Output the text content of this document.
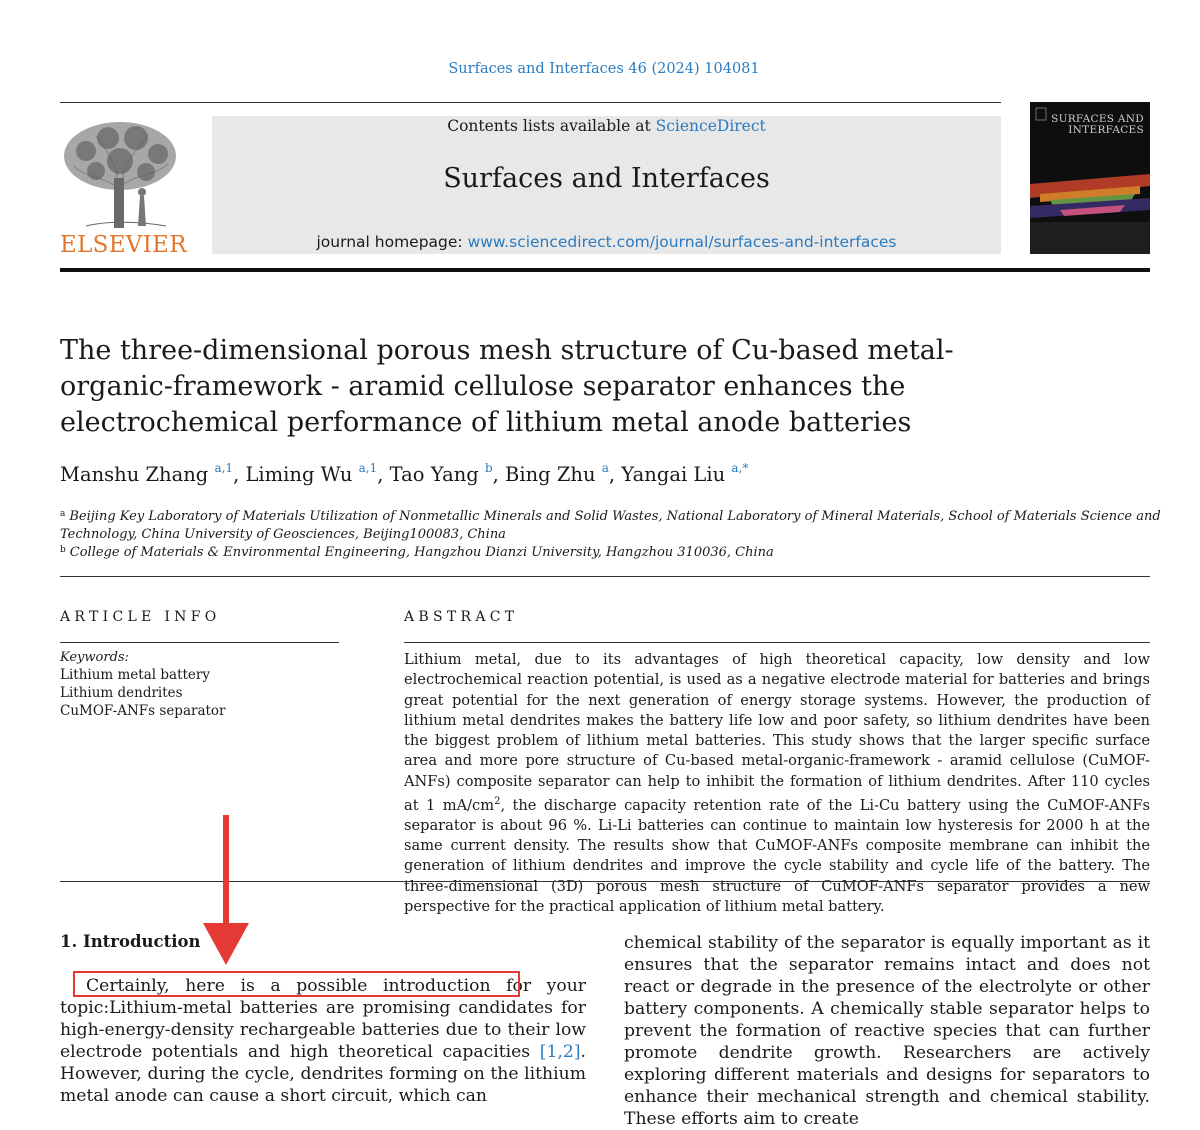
Surfaces and Interfaces 46 (2024) 104081
ELSEVIER
Contents lists available at ScienceDirect
Surfaces and Interfaces
journal homepage: www.sciencedirect.com/journal/surfaces-and-interfaces
SURFACES AND
INTERFACES
The three-dimensional porous mesh structure of Cu-based metal-organic-framework - aramid cellulose separator enhances the electrochemical performance of lithium metal anode batteries
Manshu Zhang $^{a,1}$, Liming Wu $^{a,1}$, Tao Yang $^b$, Bing Zhu $^a$, Yangai Liu $^{a,*}$
$^a$ Beijing Key Laboratory of Materials Utilization of Nonmetallic Minerals and Solid Wastes, National Laboratory of Mineral Materials, School of Materials Science and
Technology, China University of Geosciences, Beijing100083, China
$^b$ College of Materials & Environmental Engineering, Hangzhou Dianzi University, Hangzhou 310036, China
ARTICLE INFO
Keywords:
Lithium metal battery
Lithium dendrites
CuMOF-ANFs separator
ABSTRACT
Lithium metal, due to its advantages of high theoretical capacity, low density and low electrochemical reaction potential, is used as a negative electrode material for batteries and brings great potential for the next generation of energy storage systems. However, the production of lithium metal dendrites makes the battery life low and poor safety, so lithium dendrites have been the biggest problem of lithium metal batteries. This study shows that the larger specific surface area and more pore structure of Cu-based metal-organic-framework - aramid cellulose (CuMOF-ANFs) composite separator can help to inhibit the formation of lithium dendrites. After 110 cycles at 1 $mA/cm^2$, the discharge capacity retention rate of the Li-Cu battery using the CuMOF-ANFs separator is about 96 %. Li-Li batteries can continue to maintain low hysteresis for 2000 h at the same current density. The results show that CuMOF-ANFs composite membrane can inhibit the generation of lithium dendrites and improve the cycle stability and cycle life of the battery. The three-dimensional (3D) porous mesh structure of CuMOF-ANFs separator provides a new perspective for the practical application of lithium metal battery.
1. Introduction
Certainly, here is a possible introduction for your topic:Lithium-metal batteries are promising candidates for high-energy-density rechargeable batteries due to their low electrode potentials and high theoretical capacities [1,2]. However, during the cycle, dendrites forming on the lithium metal anode can cause a short circuit, which can
chemical stability of the separator is equally important as it ensures that the separator remains intact and does not react or degrade in the presence of the electrolyte or other battery components. A chemically stable separator helps to prevent the formation of reactive species that can further promote dendrite growth. Researchers are actively exploring different materials and designs for separators to enhance their mechanical strength and chemical stability. These efforts aim to create
